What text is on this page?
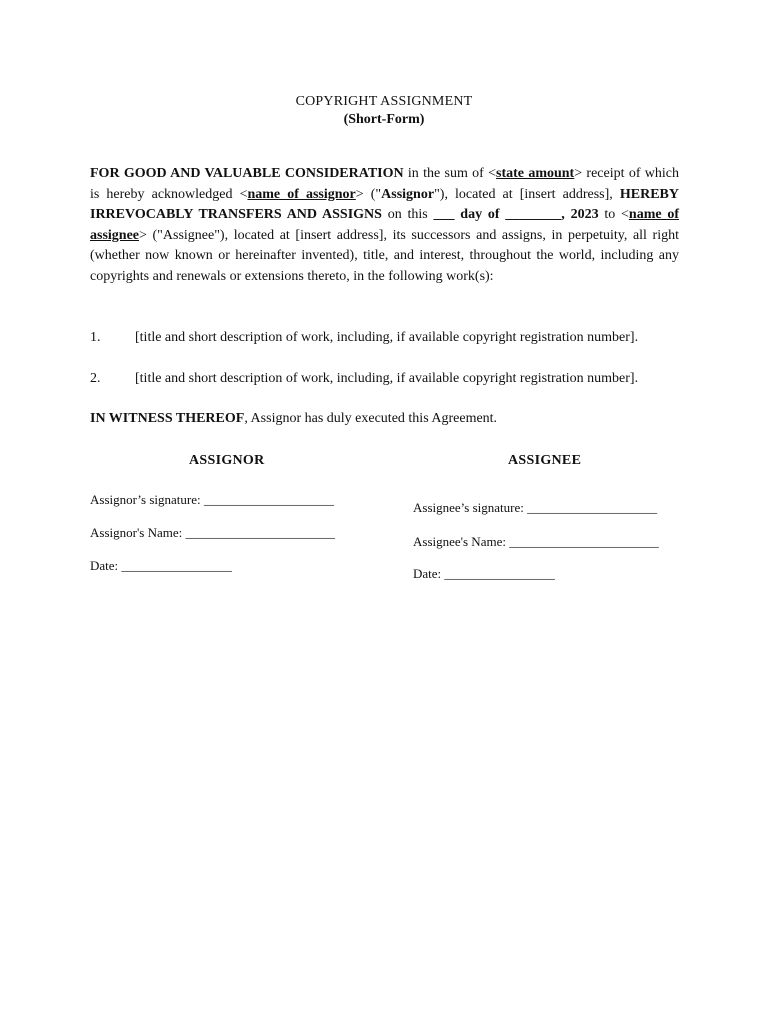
COPYRIGHT ASSIGNMENT
(Short-Form)

FOR GOOD AND VALUABLE CONSIDERATION in the sum of <state amount> receipt of which is hereby acknowledged <name of assignor> ("Assignor"), located at [insert address], HEREBY IRREVOCABLY TRANSFERS AND ASSIGNS on this ___ day of ________, 2023 to <name of assignee> ("Assignee"), located at [insert address], its successors and assigns, in perpetuity, all right (whether now known or hereinafter invented), title, and interest, throughout the world, including any copyrights and renewals or extensions thereto, in the following work(s):

1. [title and short description of work, including, if available copyright registration number].
2. [title and short description of work, including, if available copyright registration number].
IN WITNESS THEREOF, Assignor has duly executed this Agreement.
ASSIGNOR	ASSIGNEE
Assignor’s signature: ____________________
Assignor's Name: _______________________
Date: _________________
Assignee’s signature: ____________________
Assignee's Name: _______________________
Date: _________________
